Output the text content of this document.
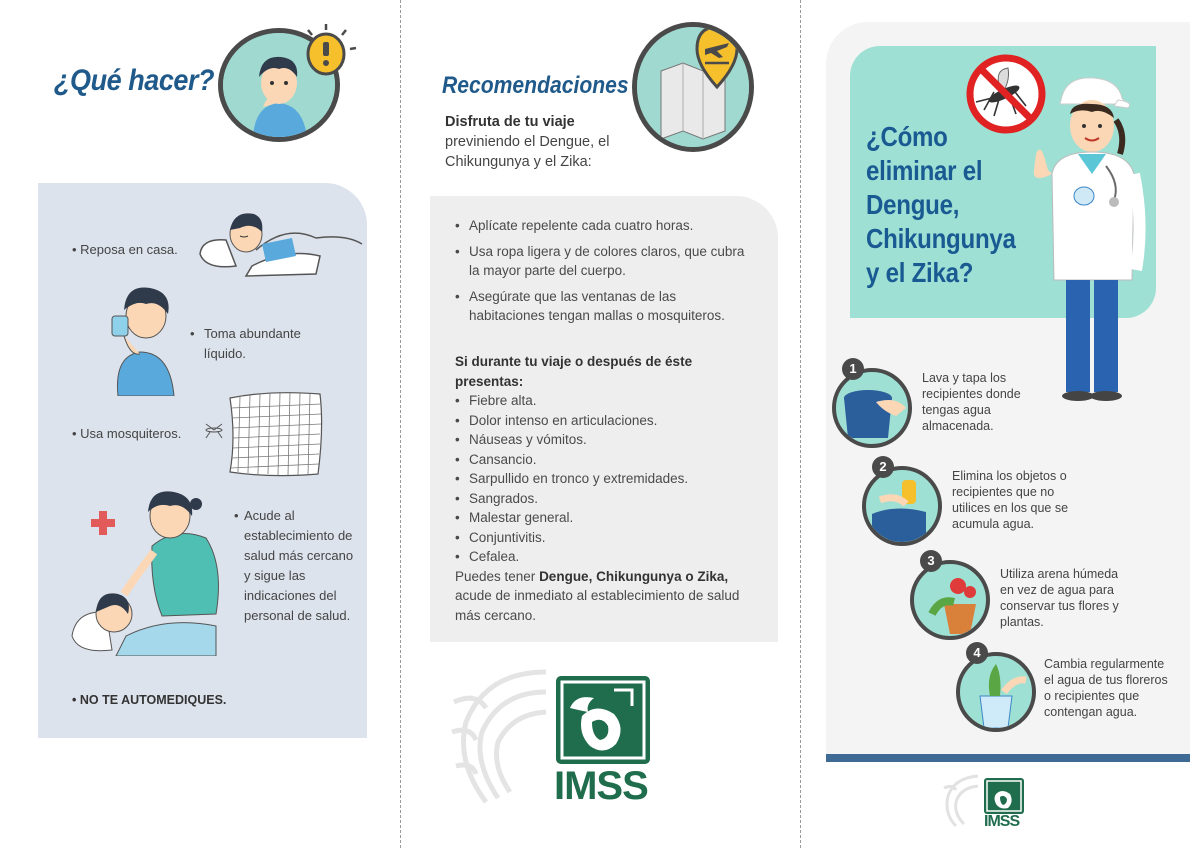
¿Qué hacer?
• Reposa en casa.
• Toma abundante líquido.
• Usa mosquiteros.
• Acude al establecimiento de salud más cercano y sigue las indicaciones del personal de salud.
• NO TE AUTOMEDIQUES.
Recomendaciones
Disfruta de tu viaje
previniendo el Dengue, el Chikungunya y el Zika:
• Aplícate repelente cada cuatro horas.
• Usa ropa ligera y de colores claros, que cubra la mayor parte del cuerpo.
• Asegúrate que las ventanas de las habitaciones tengan mallas o mosquiteros.
Si durante tu viaje o después de éste presentas:
• Fiebre alta.
• Dolor intenso en articulaciones.
• Náuseas y vómitos.
• Cansancio.
• Sarpullido en tronco y extremidades.
• Sangrados.
• Malestar general.
• Conjuntivitis.
• Cefalea.
Puedes tener Dengue, Chikungunya o Zika, acude de inmediato al establecimiento de salud más cercano.
IMSS
¿Cómo
eliminar el
Dengue,
Chikungunya
y el Zika?
1
Lava y tapa los recipientes donde tengas agua almacenada.
2
Elimina los objetos o recipientes que no utilices en los que se acumula agua.
3
Utiliza arena húmeda en vez de agua para conservar tus flores y plantas.
4
Cambia regularmente el agua de tus floreros o recipientes que contengan agua.
IMSS
